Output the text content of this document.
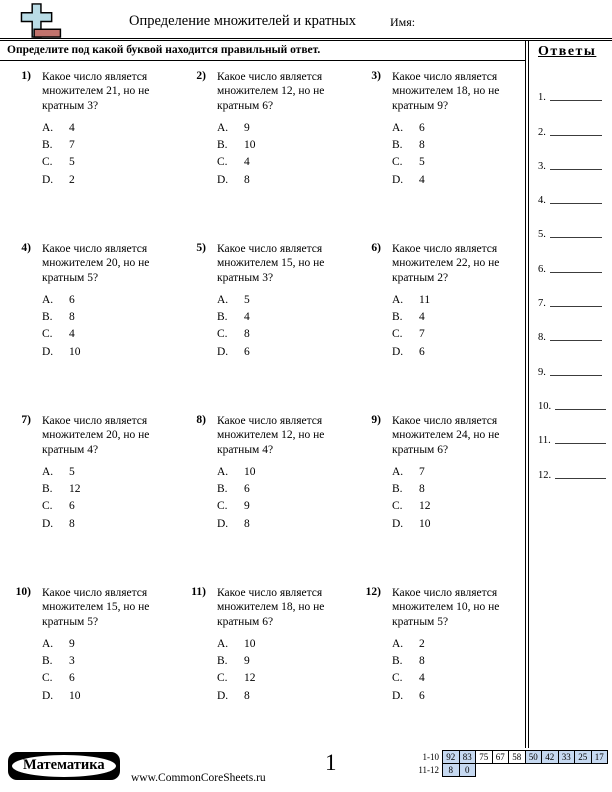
Определение множителей и кратных	Имя:
Определите под какой буквой находится правильный ответ.
1) Какое число является множителем 21, но не кратным 3?
A.	4
B.	7
C.	5
D.	2
2) Какое число является множителем 12, но не кратным 6?
A.	9
B.	10
C.	4
D.	8
3) Какое число является множителем 18, но не кратным 9?
A.	6
B.	8
C.	5
D.	4
4) Какое число является множителем 20, но не кратным 5?
A.	6
B.	8
C.	4
D.	10
5) Какое число является множителем 15, но не кратным 3?
A.	5
B.	4
C.	8
D.	6
6) Какое число является множителем 22, но не кратным 2?
A.	11
B.	4
C.	7
D.	6
7) Какое число является множителем 20, но не кратным 4?
A.	5
B.	12
C.	6
D.	8
8) Какое число является множителем 12, но не кратным 4?
A.	10
B.	6
C.	9
D.	8
9) Какое число является множителем 24, но не кратным 6?
A.	7
B.	8
C.	12
D.	10
10) Какое число является множителем 15, но не кратным 5?
A.	9
B.	3
C.	6
D.	10
11) Какое число является множителем 18, но не кратным 6?
A.	10
B.	9
C.	12
D.	8
12) Какое число является множителем 10, но не кратным 5?
A.	2
B.	8
C.	4
D.	6
Ответы
1.
2.
3.
4.
5.
6.
7.
8.
9.
10.
11.
12.
Математика
www.CommonCoreSheets.ru
1	1-10 92 83 75 67 58 50 42 33 25 17
11-12	8	0
